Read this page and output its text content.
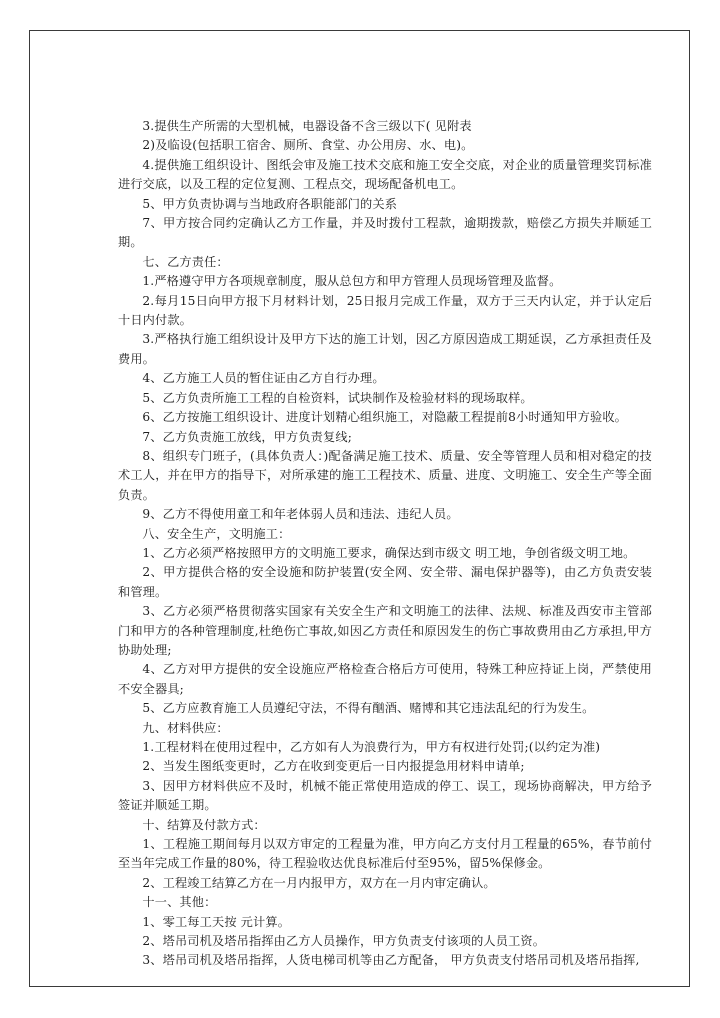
3.提供生产所需的大型机械，电器设备不含三级以下( 见附表

2)及临设(包括职工宿舍、厕所、食堂、办公用房、水、电)。

4.提供施工组织设计、图纸会审及施工技术交底和施工安全交底，对企业的质量管理奖罚标准进行交底，以及工程的定位复测、工程点交，现场配备机电工。

5、甲方负责协调与当地政府各职能部门的关系

7、甲方按合同约定确认乙方工作量，并及时拨付工程款，逾期拨款，赔偿乙方损失并顺延工期。

七、乙方责任：

1.严格遵守甲方各项规章制度，服从总包方和甲方管理人员现场管理及监督。

2.每月15日向甲方报下月材料计划，25日报月完成工作量，双方于三天内认定，并于认定后十日内付款。

3.严格执行施工组织设计及甲方下达的施工计划，因乙方原因造成工期延误，乙方承担责任及费用。

4、乙方施工人员的暂住证由乙方自行办理。

5、乙方负责所施工工程的自检资料，试块制作及检验材料的现场取样。

6、乙方按施工组织设计、进度计划精心组织施工，对隐蔽工程提前8小时通知甲方验收。

7、乙方负责施工放线，甲方负责复线;

8、组织专门班子，(具体负责人：)配备满足施工技术、质量、安全等管理人员和相对稳定的技术工人，并在甲方的指导下，对所承建的施工工程技术、质量、进度、文明施工、安全生产等全面负责。

9、乙方不得使用童工和年老体弱人员和违法、违纪人员。

八、安全生产，文明施工：

1、乙方必须严格按照甲方的文明施工要求，确保达到市级文 明工地，争创省级文明工地。

2、甲方提供合格的安全设施和防护装置(安全网、安全带、漏电保护器等)，由乙方负责安装和管理。

3、乙方必须严格贯彻落实国家有关安全生产和文明施工的法律、法规、标准及西安市主管部门和甲方的各种管理制度,杜绝伤亡事故,如因乙方责任和原因发生的伤亡事故费用由乙方承担,甲方协助处理;

4、乙方对甲方提供的安全设施应严格检查合格后方可使用，特殊工种应持证上岗，严禁使用不安全器具;

5、乙方应教育施工人员遵纪守法，不得有酗酒、赌博和其它违法乱纪的行为发生。

九、材料供应：

1.工程材料在使用过程中，乙方如有人为浪费行为，甲方有权进行处罚;(以约定为准)

2、当发生图纸变更时，乙方在收到变更后一日内报提急用材料申请单;

3、因甲方材料供应不及时，机械不能正常使用造成的停工、误工，现场协商解决，甲方给予签证并顺延工期。

十、结算及付款方式：

1、工程施工期间每月以双方审定的工程量为准，甲方向乙方支付月工程量的65%，春节前付至当年完成工作量的80%，待工程验收达优良标准后付至95%，留5%保修金。

2、工程竣工结算乙方在一月内报甲方，双方在一月内审定确认。

十一、其他：

1、零工每工天按 元计算。

2、塔吊司机及塔吊指挥由乙方人员操作，甲方负责支付该项的人员工资。

3、塔吊司机及塔吊指挥，人货电梯司机等由乙方配备， 甲方负责支付塔吊司机及塔吊指挥,
